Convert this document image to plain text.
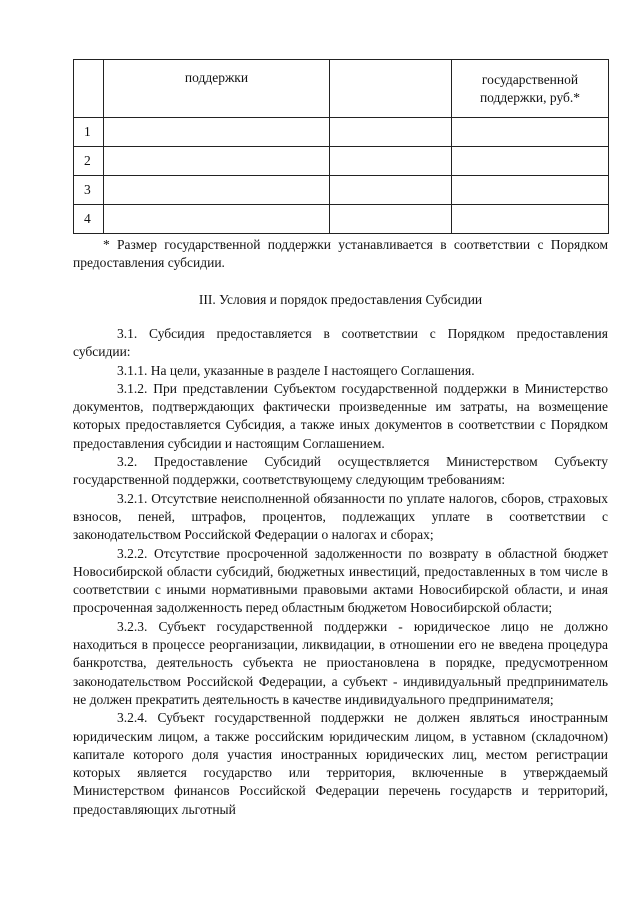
	поддержки		государственной поддержки, руб.*
1			
2			
3			
4			
* Размер государственной поддержки устанавливается в соответствии с Порядком предоставления субсидии.
III. Условия и порядок предоставления Субсидии

3.1. Субсидия предоставляется в соответствии с Порядком предоставления субсидии:

3.1.1. На цели, указанные в разделе I настоящего Соглашения.

3.1.2. При представлении Субъектом государственной поддержки в Министерство документов, подтверждающих фактически произведенные им затраты, на возмещение которых предоставляется Субсидия, а также иных документов в соответствии с Порядком предоставления субсидии и настоящим Соглашением.

3.2. Предоставление Субсидий осуществляется Министерством Субъекту государственной поддержки, соответствующему следующим требованиям:

3.2.1. Отсутствие неисполненной обязанности по уплате налогов, сборов, страховых взносов, пеней, штрафов, процентов, подлежащих уплате в соответствии с законодательством Российской Федерации о налогах и сборах;

3.2.2. Отсутствие просроченной задолженности по возврату в областной бюджет Новосибирской области субсидий, бюджетных инвестиций, предоставленных в том числе в соответствии с иными нормативными правовыми актами Новосибирской области, и иная просроченная задолженность перед областным бюджетом Новосибирской области;

3.2.3. Субъект государственной поддержки - юридическое лицо не должно находиться в процессе реорганизации, ликвидации, в отношении его не введена процедура банкротства, деятельность субъекта не приостановлена в порядке, предусмотренном законодательством Российской Федерации, а субъект - индивидуальный предприниматель не должен прекратить деятельность в качестве индивидуального предпринимателя;

3.2.4. Субъект государственной поддержки не должен являться иностранным юридическим лицом, а также российским юридическим лицом, в уставном (складочном) капитале которого доля участия иностранных юридических лиц, местом регистрации которых является государство или территория, включенные в утверждаемый Министерством финансов Российской Федерации перечень государств и территорий, предоставляющих льготный
